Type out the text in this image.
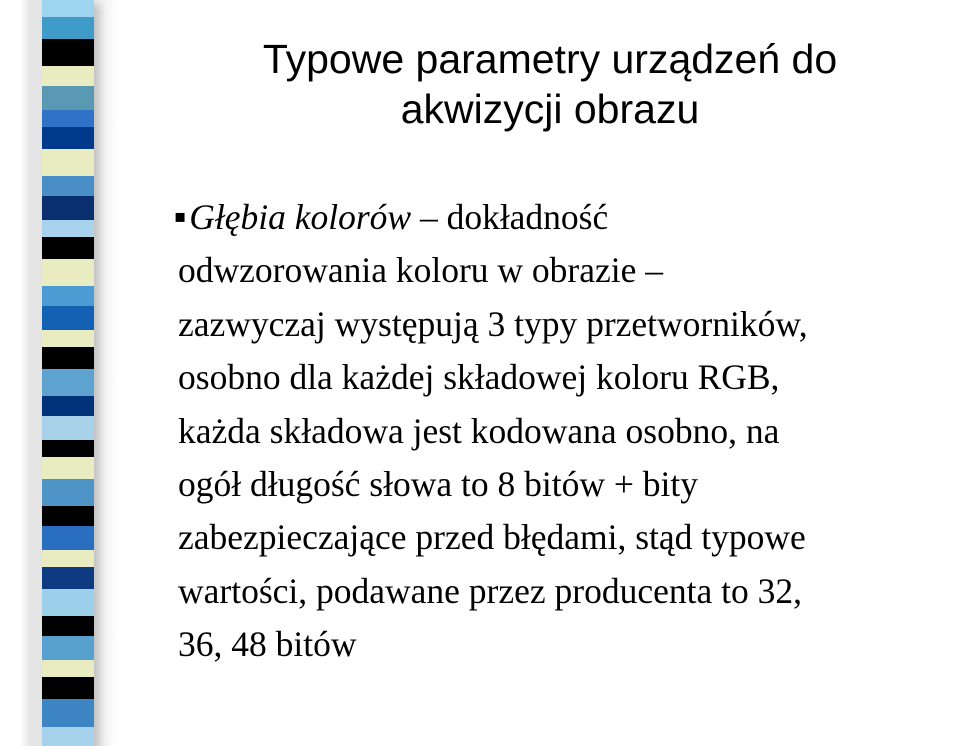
Typowe parametry urządzeń do
akwizycji obrazu

▪Głębia kolorów – dokładność
odwzorowania koloru w obrazie –
zazwyczaj występują 3 typy przetworników,
osobno dla każdej składowej koloru RGB,
każda składowa jest kodowana osobno, na
ogół długość słowa to 8 bitów + bity
zabezpieczające przed błędami, stąd typowe
wartości, podawane przez producenta to 32,
36, 48 bitów
